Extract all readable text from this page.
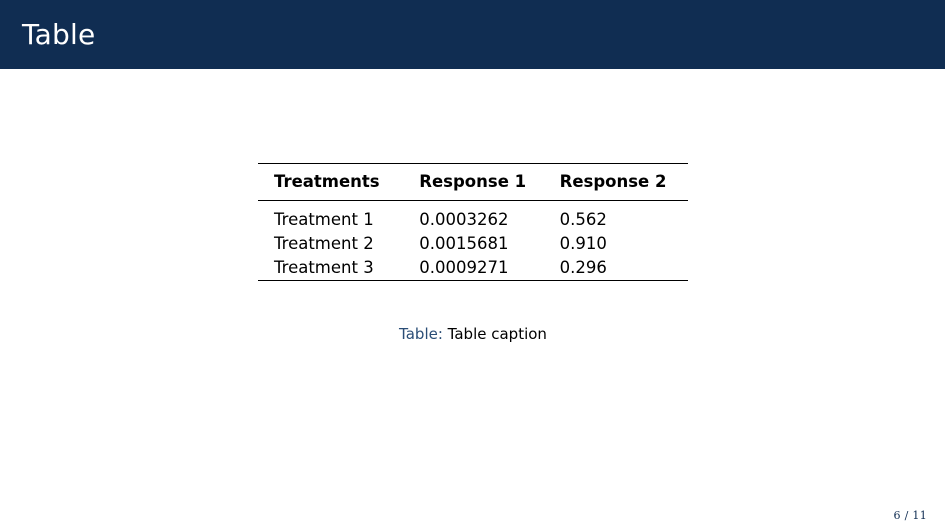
Table
Treatments	Response 1	Response 2
Treatment 1	0.0003262	0.562
Treatment 2	0.0015681	0.910
Treatment 3	0.0009271	0.296

Table: Table caption
6 / 11
